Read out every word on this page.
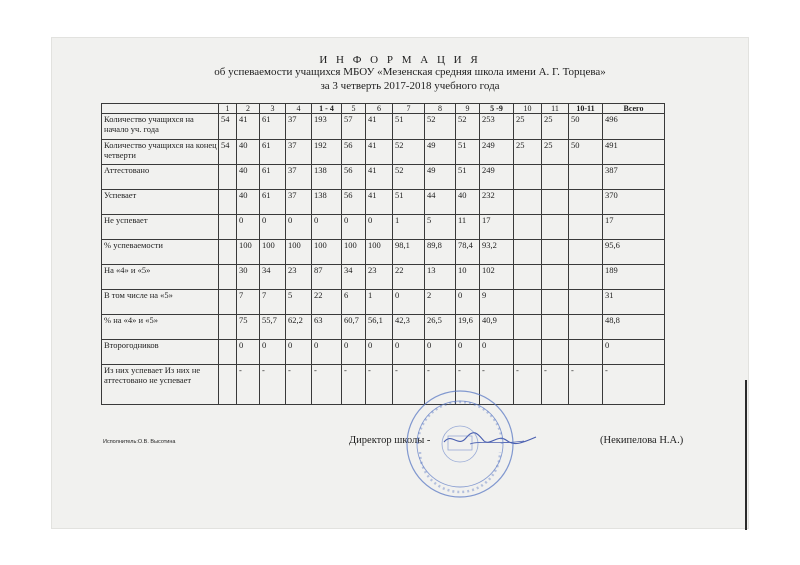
И Н Ф О Р М А Ц И Я
об успеваемости учащихся МБОУ «Мезенская средняя школа имени А. Г. Торцева»
за 3 четверть 2017-2018 учебного года
	1	2	3	4	1 - 4	5	6	7	8	9	5 -9	10	11	10-11	Всего
Количество учащихся на начало уч. года	54	41	61	37	193	57	41	51	52	52	253	25	25	50	496
Количество учащихся на конец четверти	54	40	61	37	192	56	41	52	49	51	249	25	25	50	491
Аттестовано		40	61	37	138	56	41	52	49	51	249				387
Успевает		40	61	37	138	56	41	51	44	40	232				370
Не успевает		0	0	0	0	0	0	1	5	11	17				17
% успеваемости		100	100	100	100	100	100	98,1	89,8	78,4	93,2				95,6
На «4» и «5»		30	34	23	87	34	23	22	13	10	102				189
В том числе на «5»		7	7	5	22	6	1	0	2	0	9				31
% на «4» и «5»		75	55,7	62,2	63	60,7	56,1	42,3	26,5	19,6	40,9				48,8
Второгодников		0	0	0	0	0	0	0	0	0	0				0
Из них успевает Из них не аттестовано не успевает		-	-	-	-	-	-	-	-	-	-	-	-	-	-
Исполнитель:О.В. Высотина	Директор школы -	(Некипелова Н.А.)
